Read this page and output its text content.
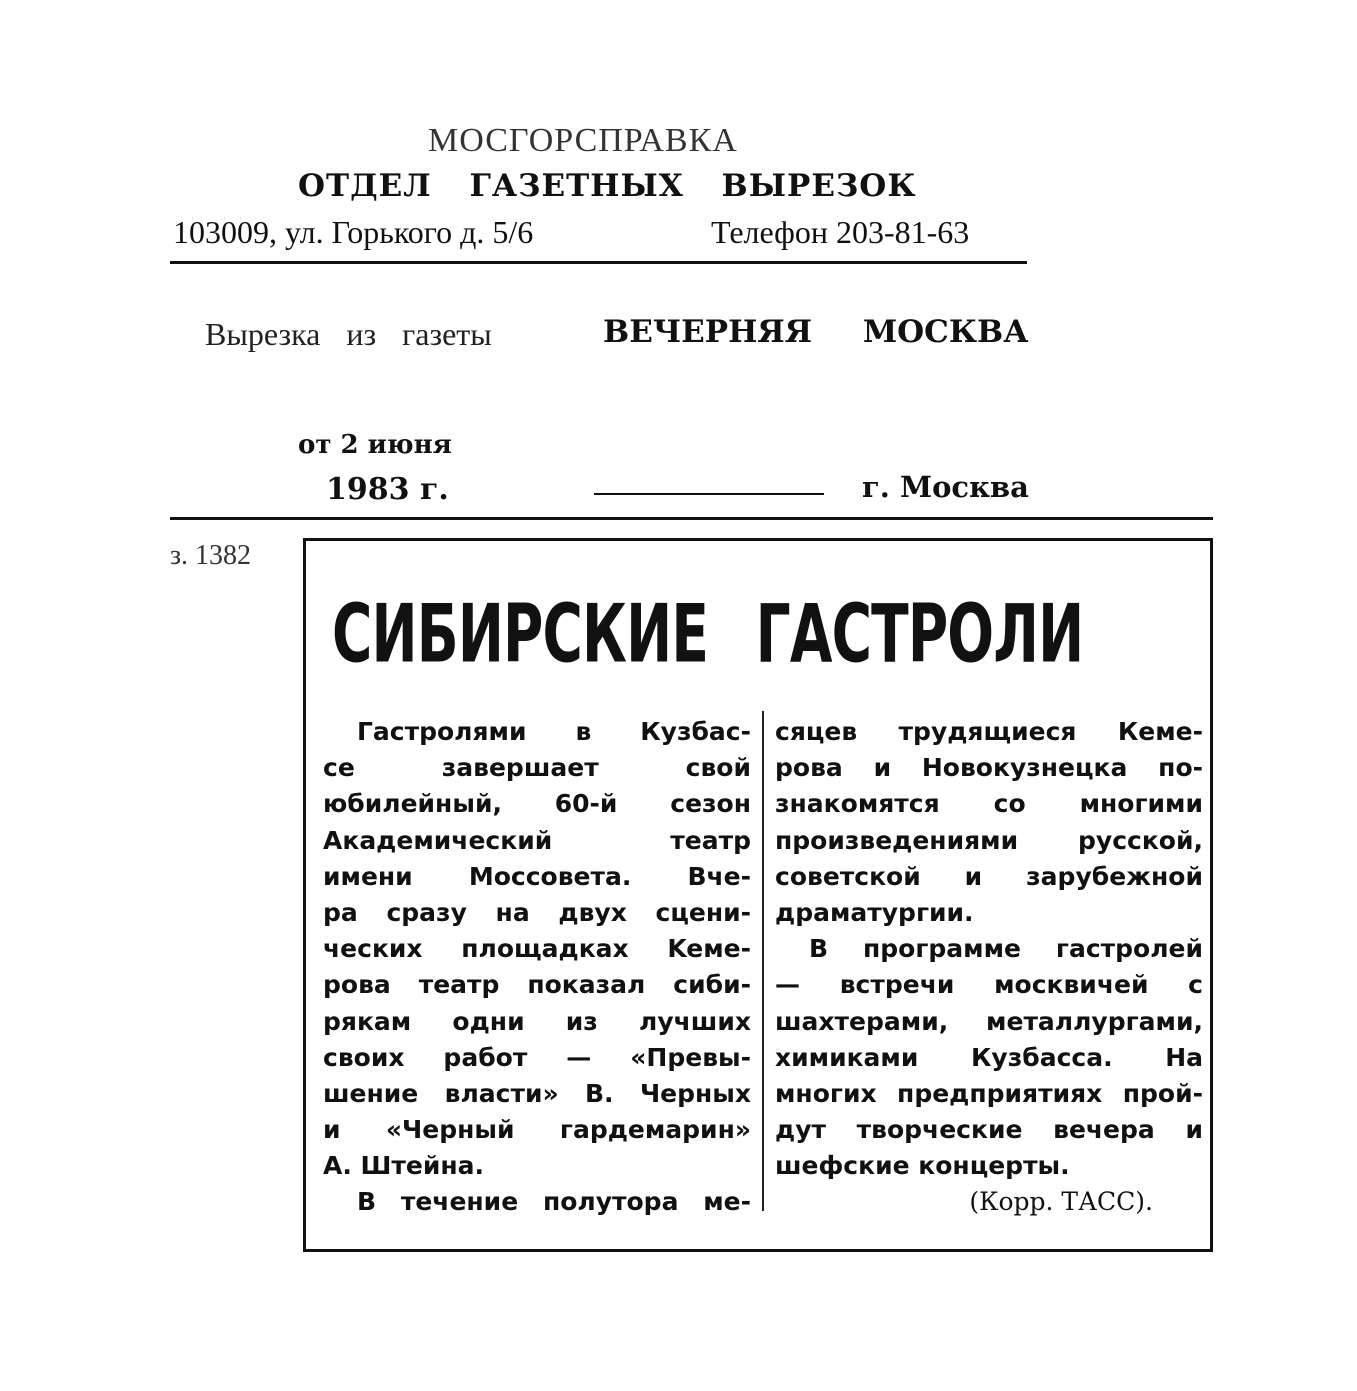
МОСГОРСПРАВКА
ОТДЕЛ ГАЗЕТНЫХ ВЫРЕЗОК
103009, ул. Горького д. 5/6	Телефон 203-81-63
Вырезка из газеты	ВЕЧЕРНЯЯ МОСКВА
от 2 июня
1983 г.	г. Москва
з. 1382
СИБИРСКИЕ ГАСТРОЛИ
Гастролями в Кузбас-
се завершает свой
юбилейный, 60-й сезон
Академический театр
имени Моссовета. Вче-
ра сразу на двух сцени-
ческих площадках Keме-
рова театр показал сиби-
рякам одни из лучших
своих работ — «Превы-
шение власти» В. Черных
и «Черный гардемарин»
А. Штейна.
В течение полутора ме-
сяцев трудящиеся Кеме-
рова и Новокузнецка по-
знакомятся со многими
произведениями русской,
советской и зарубежной
драматургии.
В программе гастролей
— встречи москвичей с
шахтерами, металлургами,
химиками Кузбасса. На
многих предприятиях прой-
дут творческие вечера и
шефские концерты.
(Корр. ТАСС).
